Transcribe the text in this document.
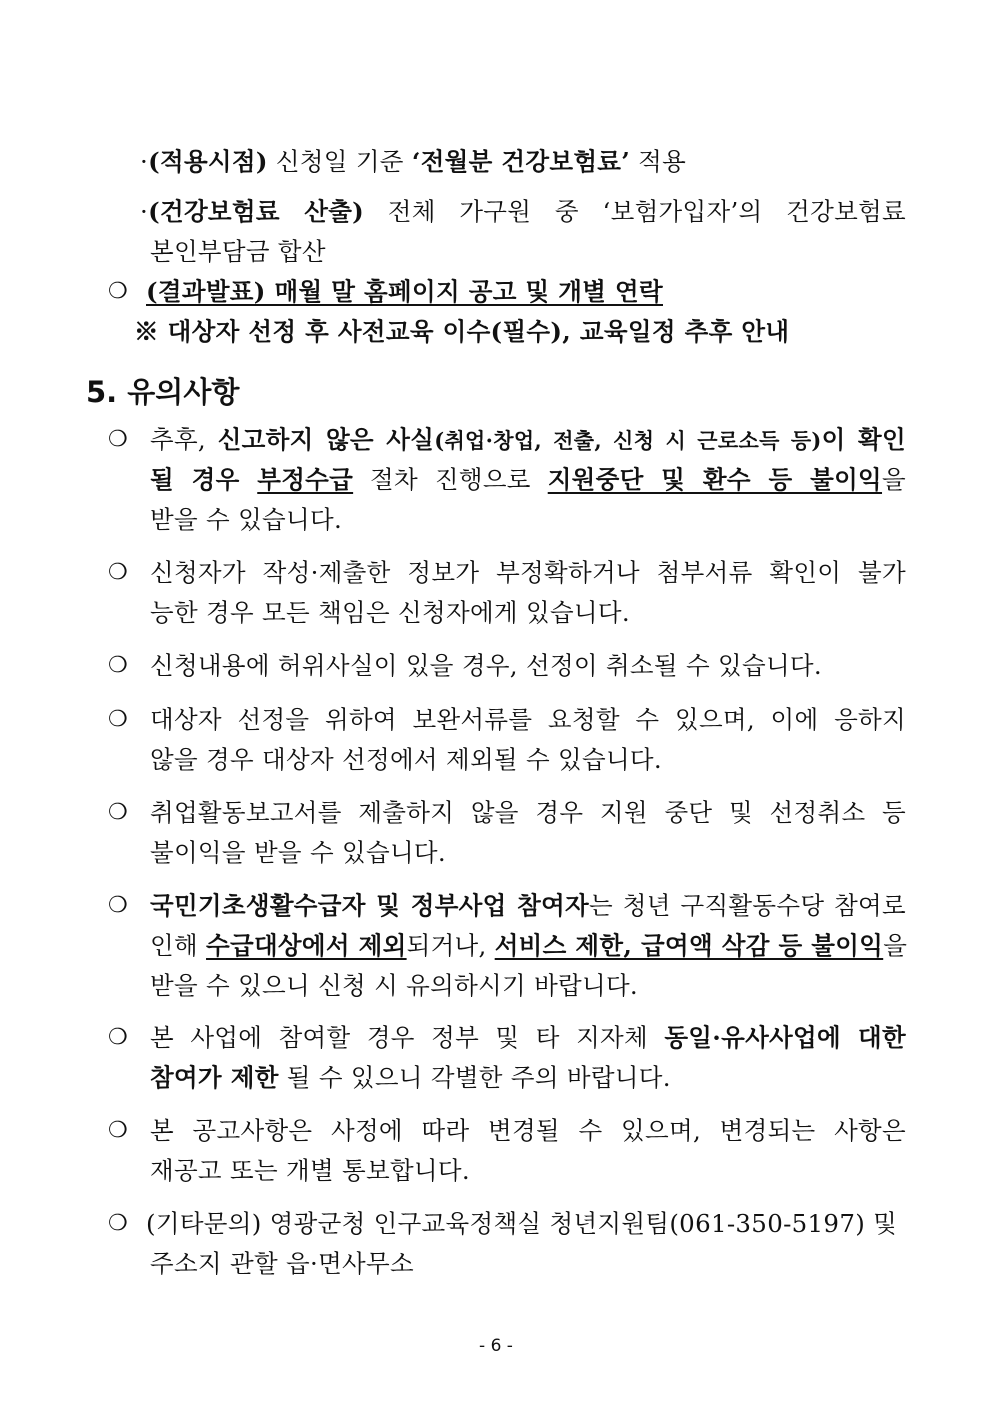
·(적용시점) 신청일 기준 ‘전월분 건강보험료’ 적용
·(건강보험료 산출) 전체 가구원 중 ‘보험가입자’의 건강보험료
본인부담금 합산
❍ (결과발표) 매월 말 홈페이지 공고 및 개별 연락
※ 대상자 선정 후 사전교육 이수(필수), 교육일정 추후 안내
5. 유의사항
❍ 추후, 신고하지 않은 사실(취업·창업, 전출, 신청 시 근로소득 등)이 확인
될 경우 부정수급 절차 진행으로 지원중단 및 환수 등 불이익을
받을 수 있습니다.
❍ 신청자가 작성·제출한 정보가 부정확하거나 첨부서류 확인이 불가
능한 경우 모든 책임은 신청자에게 있습니다.
❍ 신청내용에 허위사실이 있을 경우, 선정이 취소될 수 있습니다.
❍ 대상자 선정을 위하여 보완서류를 요청할 수 있으며, 이에 응하지
않을 경우 대상자 선정에서 제외될 수 있습니다.
❍ 취업활동보고서를 제출하지 않을 경우 지원 중단 및 선정취소 등
불이익을 받을 수 있습니다.
❍ 국민기초생활수급자 및 정부사업 참여자는 청년 구직활동수당 참여로
인해 수급대상에서 제외되거나, 서비스 제한, 급여액 삭감 등 불이익을
받을 수 있으니 신청 시 유의하시기 바랍니다.
❍ 본 사업에 참여할 경우 정부 및 타 지자체 동일·유사사업에 대한
참여가 제한 될 수 있으니 각별한 주의 바랍니다.
❍ 본 공고사항은 사정에 따라 변경될 수 있으며, 변경되는 사항은
재공고 또는 개별 통보합니다.
❍ (기타문의) 영광군청 인구교육정책실 청년지원팀(061-350-5197) 및
주소지 관할 읍·면사무소
- 6 -
